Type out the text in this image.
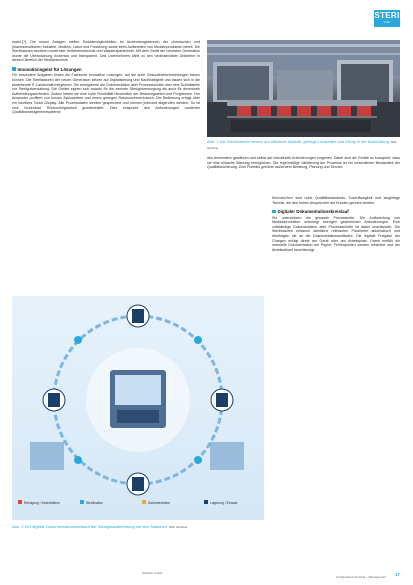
STERI
LINE

markt.[?]. Die neuen Anlagen stellen Einsatzmöglichkeiten im Anwendungsbereich der chemischen und pharmazeutischen Industrie, Medizin, Labor und Forschung sowie beim Aufbereiten von Medizinprodukten bereit. Die Sterilisatoren besitzen modernste Verfahrenstechnik und Wasserspartechnik. Mit dem Gerät der neuesten Generation wurde die Überwachung lückenlos und transparent. Das Unternehmen zählt zu den bedeutendsten Anbietern in diesem Bereich der Medizintechnik.

Innovationsgeist für Lösungen

Für besondere Aufgaben finden die Fachleute innovative Lösungen, auf die auch Gesundheitseinrichtungen bauen können. Die Sterilisatoren der neuen Generation setzen auf Digitalisierung und Nachhaltigkeit und lassen sich in die bestehende IT-Landschaft integrieren. Sie ermöglichen die Dokumentation aller Prozessschritte über eine Schnittstelle zur Sterilgutverwaltung. Die Geräte eignen sich sowohl für die zentrale Sterilgutversorgung als auch für dezentrale Aufbereitungseinheiten. Zudem bieten sie eine hohe Flexibilität hinsichtlich der Beladungsarten und Programme. Der Anwender profitiert von kurzen Zykluszeiten und einem geringen Ressourcenverbrauch. Die Bedienung erfolgt über ein intuitives Touch-Display. Alle Prozessdaten werden gespeichert und können jederzeit abgerufen werden. So ist eine lückenlose Rückverfolgbarkeit gewährleistet. Dies entspricht den Anforderungen moderner Qualitätsmanagementsysteme.

Abb. 1 Die Sterilisatoren setzen auf effiziente Abläufe, geringe Laufzeiten und Erfolg in der Anwendung. Bild: Steriline

des Anwenders gewähren und selbst auf individuelle Anforderungen eingehen. Dabei sind die Geräte so konzipiert, dass sie eine einfache Wartung ermöglichen. Die regelmäßige Validierung der Prozesse ist ein wesentlicher Bestandteil der Qualitätssicherung. Zum Portfolio gehören außerdem Beratung, Planung und Service.

Kennzeichen sind hohe Qualitätsstandards, Zuverlässigkeit und langlebige Technik, die den hohen Ansprüchen der Kunden gerecht werden.

Digitaler Dokumentationskreislauf

Sie unterstützen die gesamte Prozesskette. Die Aufbereitung von Medizinprodukten unterliegt strengen gesetzlichen Anforderungen. Eine vollständige Dokumentation aller Prozessschritte ist daher unerlässlich. Die Sterilisatoren erfassen sämtliche relevanten Parameter automatisch und übertragen sie an die Dokumentationssoftware. Die digitale Freigabe der Chargen erfolgt direkt am Gerät oder am Arbeitsplatz. Damit entfällt die manuelle Dokumentation auf Papier. Fehlerquellen werden minimiert und der Arbeitsablauf beschleunigt.

Reinigung / Desinfektion	Sterilisation	Dokumentation	Lagerung / Einsatz
Abb. 2 Der digitale Dokumentationskreislauf der Sterilgutaufbereitung mit den Stationen. Bild: Steriline
Steriline GmbH
Krankenhaus-Technik + Management 17
